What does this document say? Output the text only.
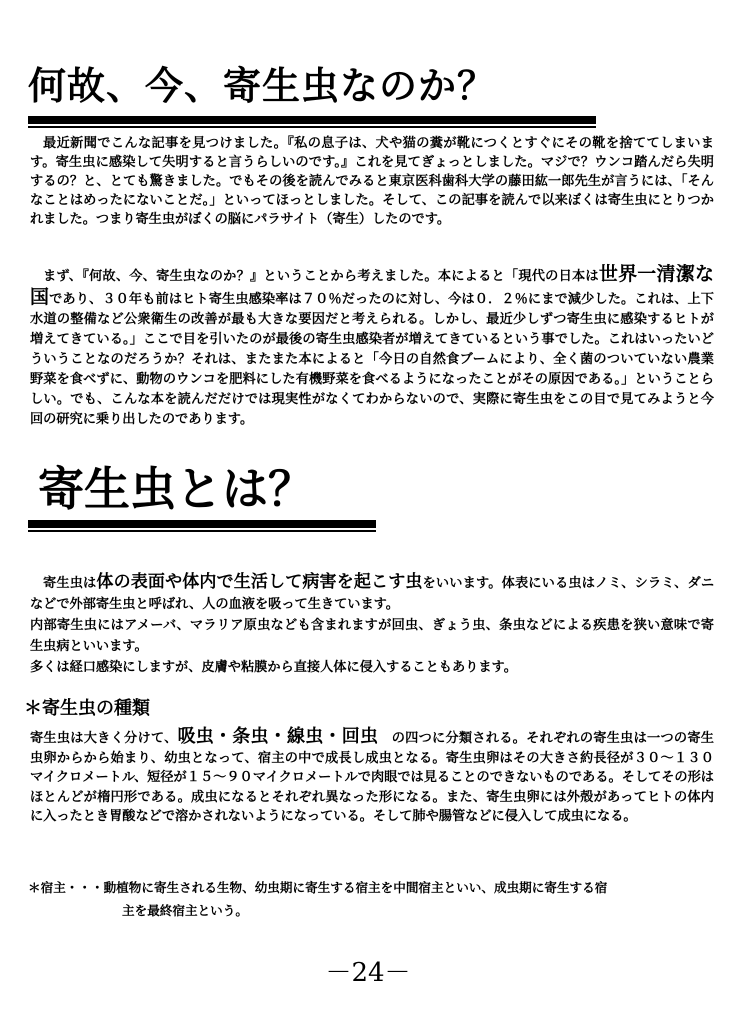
何故、今、寄生虫なのか？

最近新聞でこんな記事を見つけました。『私の息子は、犬や猫の糞が靴につくとすぐにその靴を捨ててしまいます。寄生虫に感染して失明すると言うらしいのです。』これを見てぎょっとしました。マジで？ウンコ踏んだら失明するの？と、とても驚きました。でもその後を読んでみると東京医科歯科大学の藤田紘一郎先生が言うには、「そんなことはめったにないことだ。」といってほっとしました。そして、この記事を読んで以来ぼくは寄生虫にとりつかれました。つまり寄生虫がぼくの脳にパラサイト（寄生）したのです。

まず、『何故、今、寄生虫なのか？』ということから考えました。本によると「現代の日本は世界一清潔な国であり、３０年も前はヒト寄生虫感染率は７０％だったのに対し、今は０．２％にまで減少した。これは、上下水道の整備など公衆衛生の改善が最も大きな要因だと考えられる。しかし、最近少しずつ寄生虫に感染するヒトが増えてきている。」ここで目を引いたのが最後の寄生虫感染者が増えてきているという事でした。これはいったいどういうことなのだろうか？それは、またまた本によると「今日の自然食ブームにより、全く菌のついていない農業野菜を食べずに、動物のウンコを肥料にした有機野菜を食べるようになったことがその原因である。」ということらしい。でも、こんな本を読んだだけでは現実性がなくてわからないので、実際に寄生虫をこの目で見てみようと今回の研究に乗り出したのであります。

寄生虫とは？

寄生虫は体の表面や体内で生活して病害を起こす虫をいいます。体表にいる虫はノミ、シラミ、ダニなどで外部寄生虫と呼ばれ、人の血液を吸って生きています。
内部寄生虫にはアメーバ、マラリア原虫なども含まれますが回虫、ぎょう虫、条虫などによる疾患を狭い意味で寄生虫病といいます。
多くは経口感染にしますが、皮膚や粘膜から直接人体に侵入することもあります。

＊寄生虫の種類

寄生虫は大きく分けて、吸虫・条虫・線虫・回虫　 の四つに分類される。それぞれの寄生虫は一つの寄生虫卵からから始まり、幼虫となって、宿主の中で成長し成虫となる。寄生虫卵はその大きさ約長径が３０～１３０マイクロメートル、短径が１５～９０マイクロメートルで肉眼では見ることのできないものである。そしてその形はほとんどが楕円形である。成虫になるとそれぞれ異なった形になる。また、寄生虫卵には外殻があってヒトの体内に入ったとき胃酸などで溶かされないようになっている。そして肺や腸管などに侵入して成虫になる。

＊宿主・・・動植物に寄生される生物、幼虫期に寄生する宿主を中間宿主といい、成虫期に寄生する宿
主を最終宿主という。
－24－
